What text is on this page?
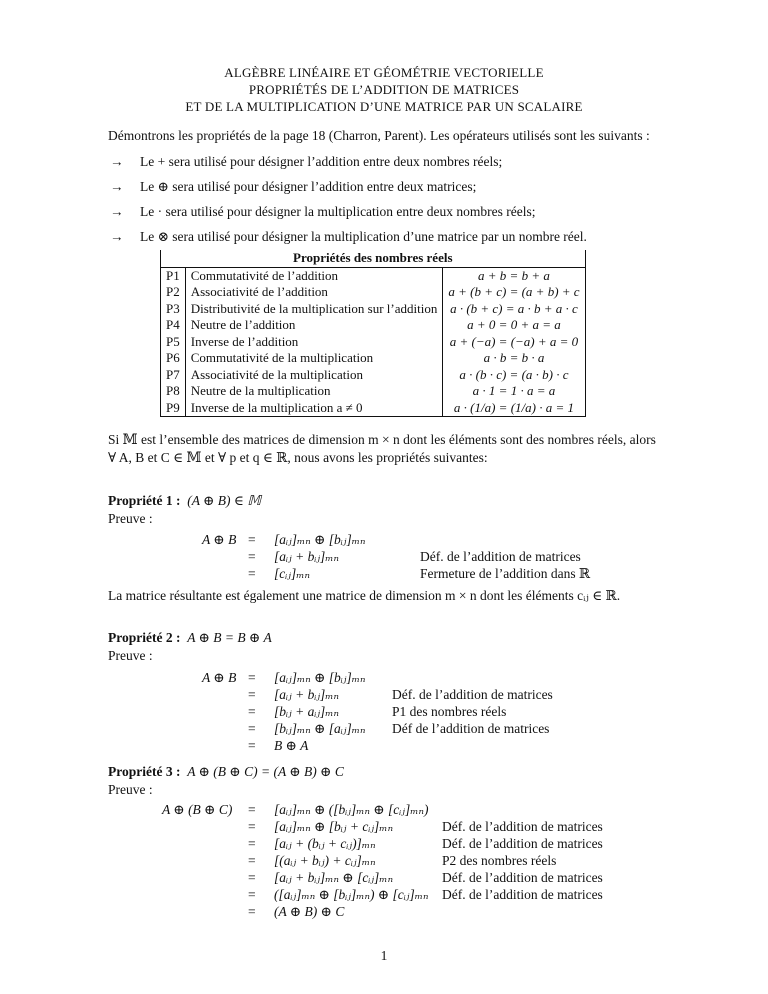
ALGÈBRE LINÉAIRE ET GÉOMÉTRIE VECTORIELLE
PROPRIÉTÉS DE L’ADDITION DE MATRICES
ET DE LA MULTIPLICATION D’UNE MATRICE PAR UN SCALAIRE
Démontrons les propriétés de la page 18 (Charron, Parent). Les opérateurs utilisés sont les suivants :
→ Le + sera utilisé pour désigner l’addition entre deux nombres réels;
→ Le ⊕ sera utilisé pour désigner l’addition entre deux matrices;
→ Le · sera utilisé pour désigner la multiplication entre deux nombres réels;
→ Le ⊗ sera utilisé pour désigner la multiplication d’une matrice par un nombre réel.
Propriétés des nombres réels		
P1	Commutativité de l’addition	a + b = b + a
P2	Associativité de l’addition	a + (b + c) = (a + b) + c
P3	Distributivité de la multiplication sur l’addition	a · (b + c) = a · b + a · c
P4	Neutre de l’addition	a + 0 = 0 + a = a
P5	Inverse de l’addition	a + (−a) = (−a) + a = 0
P6	Commutativité de la multiplication	a · b = b · a
P7	Associativité de la multiplication	a · (b · c) = (a · b) · c
P8	Neutre de la multiplication	a · 1 = 1 · a = a
P9	Inverse de la multiplication a ≠ 0	a · (1/a) = (1/a) · a = 1
Si 𝕄 est l’ensemble des matrices de dimension m × n dont les éléments sont des nombres réels, alors
∀ A, B et C ∈ 𝕄 et ∀ p et q ∈ ℝ, nous avons les propriétés suivantes:
Propriété 1 : (A ⊕ B) ∈ 𝕄
Preuve :
A ⊕ B = [aᵢⱼ]ₘₙ ⊕ [bᵢⱼ]ₘₙ
= [aᵢⱼ + bᵢⱼ]ₘₙ	Déf. de l’addition de matrices
= [cᵢⱼ]ₘₙ	Fermeture de l’addition dans ℝ
La matrice résultante est également une matrice de dimension m × n dont les éléments cᵢⱼ ∈ ℝ.
Propriété 2 : A ⊕ B = B ⊕ A
Preuve :
A ⊕ B = [aᵢⱼ]ₘₙ ⊕ [bᵢⱼ]ₘₙ
= [aᵢⱼ + bᵢⱼ]ₘₙ	Déf. de l’addition de matrices
= [bᵢⱼ + aᵢⱼ]ₘₙ	P1 des nombres réels
= [bᵢⱼ]ₘₙ ⊕ [aᵢⱼ]ₘₙ Déf de l’addition de matrices
= B ⊕ A
Propriété 3 : A ⊕ (B ⊕ C) = (A ⊕ B) ⊕ C
Preuve :
A ⊕ (B ⊕ C) = [aᵢⱼ]ₘₙ ⊕ ([bᵢⱼ]ₘₙ ⊕ [cᵢⱼ]ₘₙ)
= [aᵢⱼ]ₘₙ ⊕ [bᵢⱼ + cᵢⱼ]ₘₙ	Déf. de l’addition de matrices
= [aᵢⱼ + (bᵢⱼ + cᵢⱼ)]ₘₙ	Déf. de l’addition de matrices
= [(aᵢⱼ + bᵢⱼ) + cᵢⱼ]ₘₙ	P2 des nombres réels
= [aᵢⱼ + bᵢⱼ]ₘₙ ⊕ [cᵢⱼ]ₘₙ	Déf. de l’addition de matrices
= ([aᵢⱼ]ₘₙ ⊕ [bᵢⱼ]ₘₙ) ⊕ [cᵢⱼ]ₘₙ Déf. de l’addition de matrices
= (A ⊕ B) ⊕ C
1
